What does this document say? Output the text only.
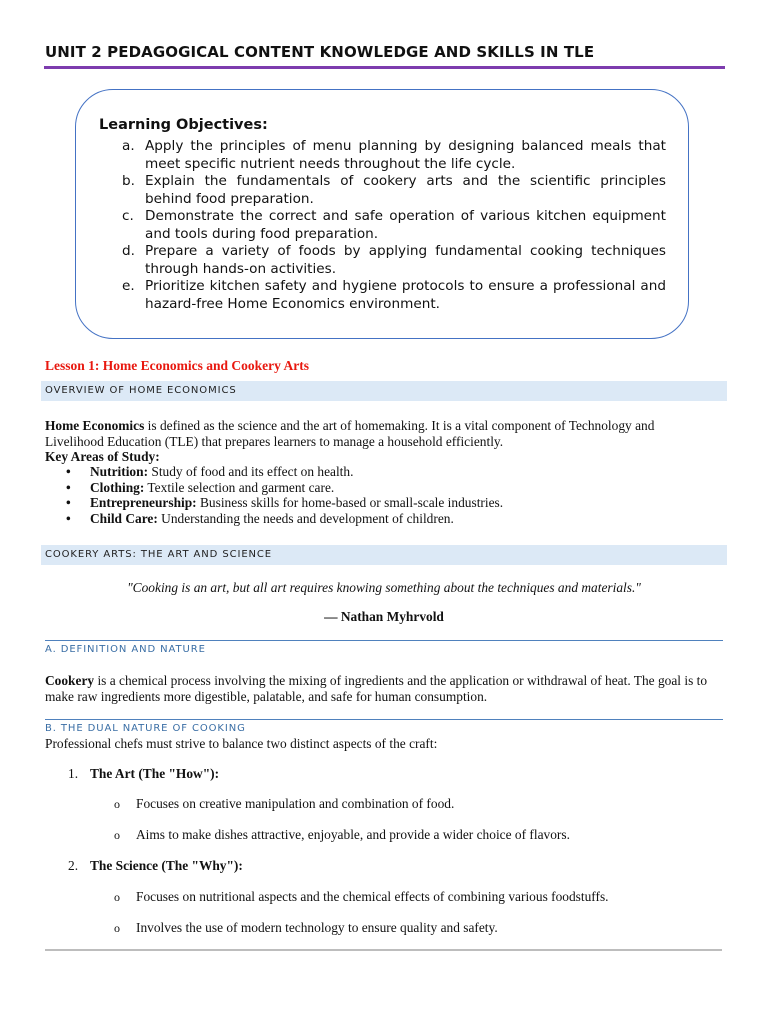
UNIT 2 PEDAGOGICAL CONTENT KNOWLEDGE AND SKILLS IN TLE
Learning Objectives:
a. Apply the principles of menu planning by designing balanced meals that meet specific nutrient needs throughout the life cycle.
b. Explain the fundamentals of cookery arts and the scientific principles behind food preparation.
c. Demonstrate the correct and safe operation of various kitchen equipment and tools during food preparation.
d. Prepare a variety of foods by applying fundamental cooking techniques through hands-on activities.
e. Prioritize kitchen safety and hygiene protocols to ensure a professional and hazard-free Home Economics environment.
Lesson 1: Home Economics and Cookery Arts
OVERVIEW OF HOME ECONOMICS
Home Economics is defined as the science and the art of homemaking. It is a vital component of Technology and Livelihood Education (TLE) that prepares learners to manage a household efficiently.
Key Areas of Study:
• Nutrition: Study of food and its effect on health.
• Clothing: Textile selection and garment care.
• Entrepreneurship: Business skills for home-based or small-scale industries.
• Child Care: Understanding the needs and development of children.
COOKERY ARTS: THE ART AND SCIENCE
"Cooking is an art, but all art requires knowing something about the techniques and materials."
— Nathan Myhrvold
A. DEFINITION AND NATURE
Cookery is a chemical process involving the mixing of ingredients and the application or withdrawal of heat. The goal is to make raw ingredients more digestible, palatable, and safe for human consumption.
B. THE DUAL NATURE OF COOKING
Professional chefs must strive to balance two distinct aspects of the craft:
1. The Art (The "How"):
o Focuses on creative manipulation and combination of food.
o Aims to make dishes attractive, enjoyable, and provide a wider choice of flavors.
2. The Science (The "Why"):
o Focuses on nutritional aspects and the chemical effects of combining various foodstuffs.
o Involves the use of modern technology to ensure quality and safety.
